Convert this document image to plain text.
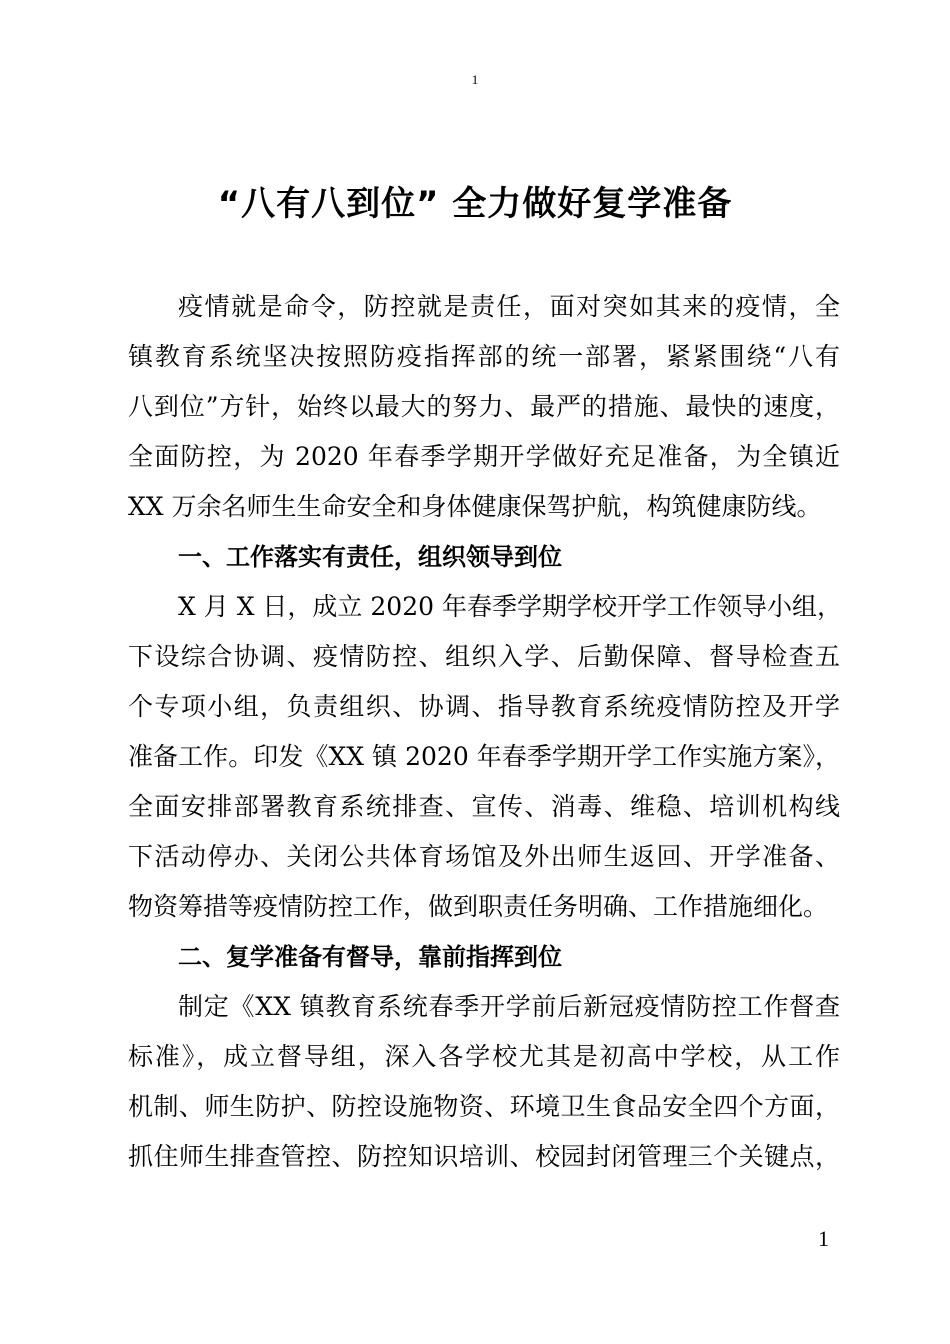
1
“八有八到位” 全力做好复学准备
疫情就是命令，防控就是责任，面对突如其来的疫情，全
镇教育系统坚决按照防疫指挥部的统一部署，紧紧围绕“八有
八到位”方针，始终以最大的努力、最严的措施、最快的速度，
全面防控，为 2020 年春季学期开学做好充足准备，为全镇近
XX 万余名师生生命安全和身体健康保驾护航，构筑健康防线。
一、工作落实有责任，组织领导到位
X 月 X 日，成立 2020 年春季学期学校开学工作领导小组，
下设综合协调、疫情防控、组织入学、后勤保障、督导检查五
个专项小组，负责组织、协调、指导教育系统疫情防控及开学
准备工作。印发《XX 镇 2020 年春季学期开学工作实施方案》，
全面安排部署教育系统排查、宣传、消毒、维稳、培训机构线
下活动停办、关闭公共体育场馆及外出师生返回、开学准备、
物资筹措等疫情防控工作，做到职责任务明确、工作措施细化。
二、复学准备有督导，靠前指挥到位
制定《XX 镇教育系统春季开学前后新冠疫情防控工作督查
标准》，成立督导组，深入各学校尤其是初高中学校，从工作
机制、师生防护、防控设施物资、环境卫生食品安全四个方面，
抓住师生排查管控、防控知识培训、校园封闭管理三个关键点，
1
